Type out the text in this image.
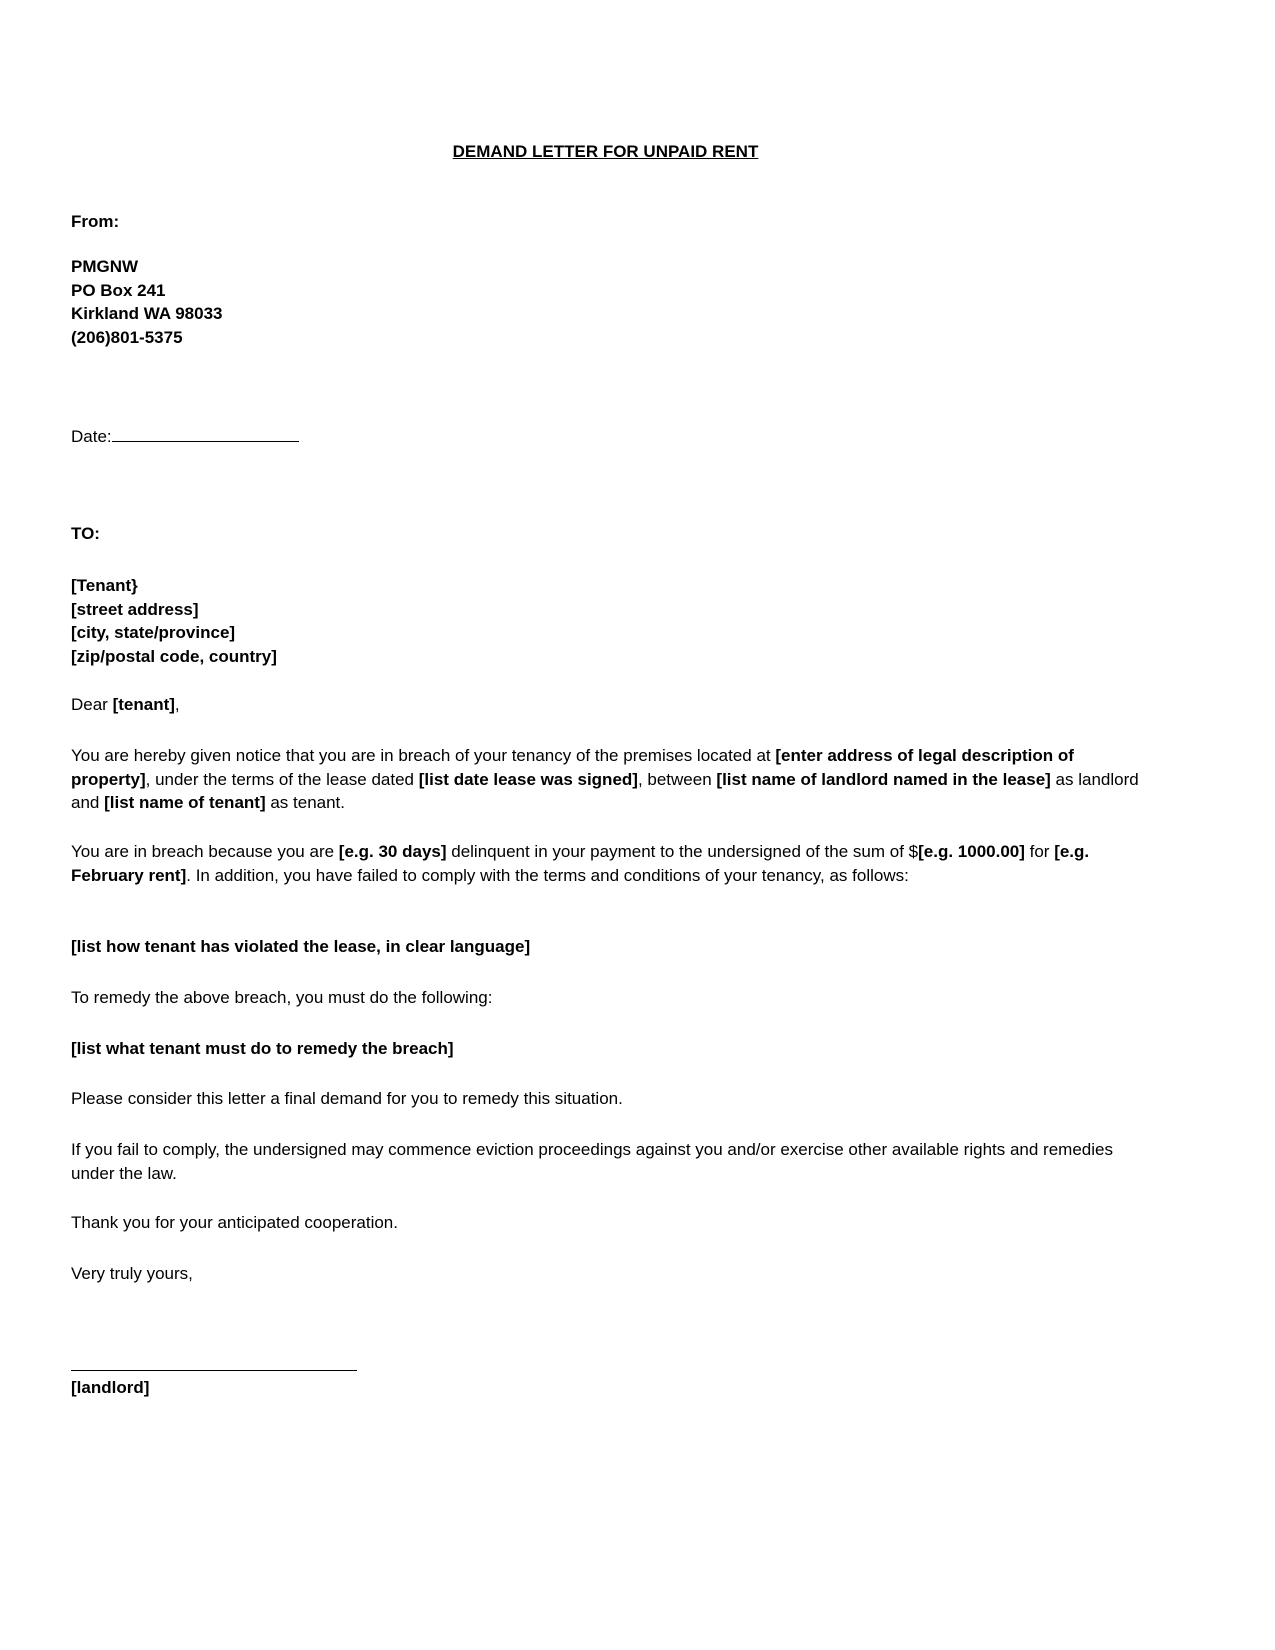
DEMAND LETTER FOR UNPAID RENT
From:
PMGNW
PO Box 241
Kirkland WA 98033
(206)801-5375
Date:
TO:
[Tenant}
[street address]
[city, state/province]
[zip/postal code, country]
Dear [tenant],
You are hereby given notice that you are in breach of your tenancy of the premises located at [enter address of legal description of property], under the terms of the lease dated [list date lease was signed], between [list name of landlord named in the lease] as landlord and [list name of tenant] as tenant.
You are in breach because you are [e.g. 30 days] delinquent in your payment to the undersigned of the sum of $[e.g. 1000.00] for [e.g. February rent]. In addition, you have failed to comply with the terms and conditions of your tenancy, as follows:
[list how tenant has violated the lease, in clear language]
To remedy the above breach, you must do the following:
[list what tenant must do to remedy the breach]
Please consider this letter a final demand for you to remedy this situation.
If you fail to comply, the undersigned may commence eviction proceedings against you and/or exercise other available rights and remedies under the law.
Thank you for your anticipated cooperation.
Very truly yours,
[landlord]
